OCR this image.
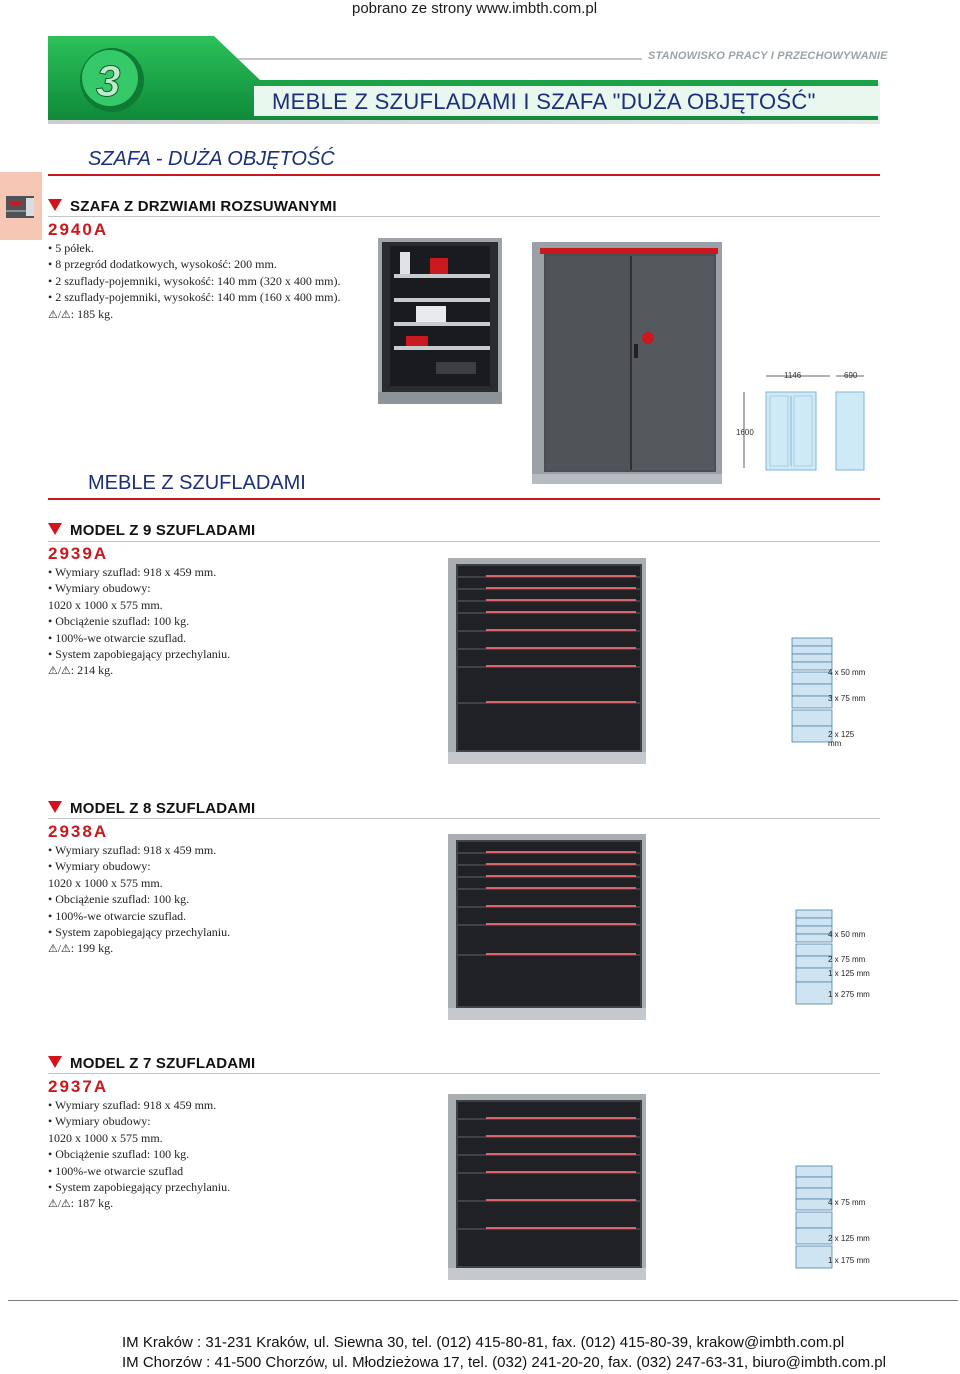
pobrano ze strony www.imbth.com.pl
STANOWISKO PRACY I PRZECHOWYWANIE
3	MEBLE Z SZUFLADAMI I SZAFA "DUŻA OBJĘTOŚĆ"
SZAFA - DUŻA OBJĘTOŚĆ
SZAFA Z DRZWIAMI ROZSUWANYMI
2940A
• 5 półek.
• 8 przegród dodatkowych, wysokość: 200 mm.
• 2 szuflady-pojemniki, wysokość: 140 mm (320 x 400 mm).
• 2 szuflady-pojemniki, wysokość: 140 mm (160 x 400 mm).
⚠︎/⚠︎: 185 kg.
1146	690
1600
MEBLE Z SZUFLADAMI
MODEL Z 9 SZUFLADAMI
2939A
• Wymiary szuflad: 918 x 459 mm.
• Wymiary obudowy:
1020 x 1000 x 575 mm.
• Obciążenie szuflad: 100 kg.
• 100%-we otwarcie szuflad.
• System zapobiegający przechylaniu.
⚠︎/⚠︎: 214 kg.	4 x 50 mm
3 x 75 mm
2 x 125 mm
MODEL Z 8 SZUFLADAMI
2938A
• Wymiary szuflad: 918 x 459 mm.
• Wymiary obudowy:
1020 x 1000 x 575 mm.
• Obciążenie szuflad: 100 kg.
• 100%-we otwarcie szuflad.
• System zapobiegający przechylaniu.
⚠︎/⚠︎: 199 kg.
4 x 50 mm
2 x 75 mm
1 x 125 mm
1 x 275 mm
MODEL Z 7 SZUFLADAMI
2937A
• Wymiary szuflad: 918 x 459 mm.
• Wymiary obudowy:
1020 x 1000 x 575 mm.
• Obciążenie szuflad: 100 kg.
• 100%-we otwarcie szuflad
• System zapobiegający przechylaniu.
⚠︎/⚠︎: 187 kg.	4 x 75 mm
2 x 125 mm
1 x 175 mm
IM Kraków : 31-231 Kraków, ul. Siewna 30, tel. (012) 415-80-81, fax. (012) 415-80-39, krakow@imbth.com.pl
IM Chorzów : 41-500 Chorzów, ul. Młodzieżowa 17, tel. (032) 241-20-20, fax. (032) 247-63-31, biuro@imbth.com.pl
